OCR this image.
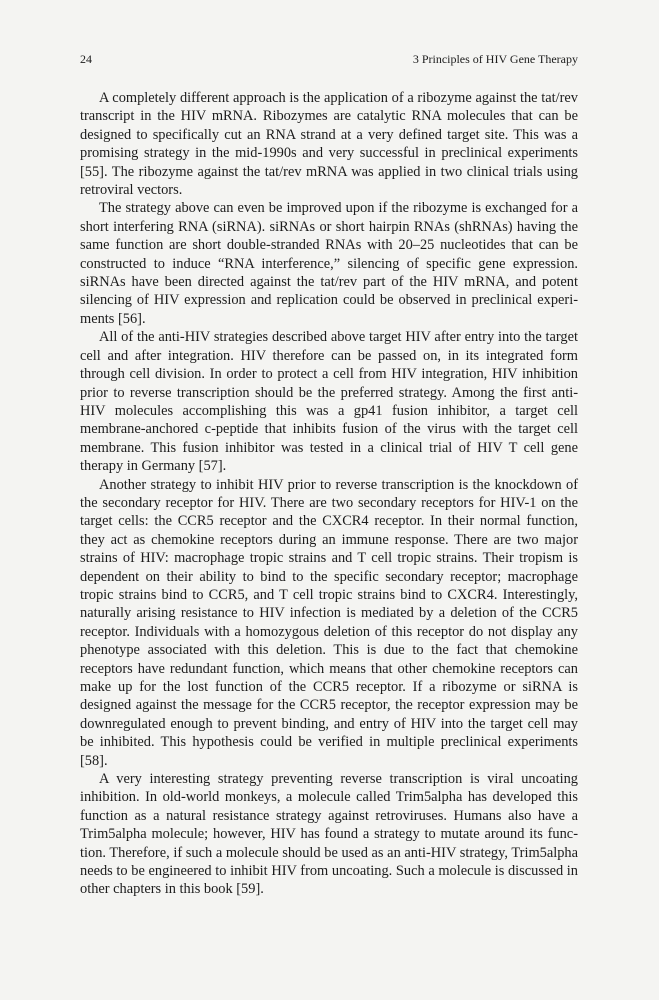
24	3 Principles of HIV Gene Therapy

A completely different approach is the application of a ribozyme against the tat/rev transcript in the HIV mRNA. Ribozymes are catalytic RNA molecules that can be designed to specifically cut an RNA strand at a very defined target site. This was a promising strategy in the mid-1990s and very successful in preclinical experiments [55]. The ribozyme against the tat/rev mRNA was applied in two clinical trials using retroviral vectors.

The strategy above can even be improved upon if the ribozyme is exchanged for a short interfering RNA (siRNA). siRNAs or short hairpin RNAs (shRNAs) having the same function are short double-stranded RNAs with 20–25 nucleotides that can be constructed to induce “RNA interference,” silencing of specific gene expression. siRNAs have been directed against the tat/rev part of the HIV mRNA, and potent silencing of HIV expression and replication could be observed in preclinical experiments [56].

All of the anti-HIV strategies described above target HIV after entry into the target cell and after integration. HIV therefore can be passed on, in its integrated form through cell division. In order to protect a cell from HIV integration, HIV inhibition prior to reverse transcription should be the preferred strategy. Among the first anti-HIV molecules accomplishing this was a gp41 fusion inhibitor, a target cell membrane-anchored c-peptide that inhibits fusion of the virus with the target cell membrane. This fusion inhibitor was tested in a clinical trial of HIV T cell gene therapy in Germany [57].

Another strategy to inhibit HIV prior to reverse transcription is the knockdown of the secondary receptor for HIV. There are two secondary receptors for HIV-1 on the target cells: the CCR5 receptor and the CXCR4 receptor. In their normal function, they act as chemokine receptors during an immune response. There are two major strains of HIV: macrophage tropic strains and T cell tropic strains. Their tropism is dependent on their ability to bind to the specific secondary receptor; macrophage tropic strains bind to CCR5, and T cell tropic strains bind to CXCR4. Interestingly, naturally arising resistance to HIV infection is mediated by a deletion of the CCR5 receptor. Individuals with a homozygous deletion of this receptor do not display any phenotype associated with this deletion. This is due to the fact that chemokine receptors have redundant function, which means that other chemokine receptors can make up for the lost function of the CCR5 receptor. If a ribozyme or siRNA is designed against the message for the CCR5 receptor, the receptor expression may be downregulated enough to prevent binding, and entry of HIV into the target cell may be inhibited. This hypothesis could be verified in multiple preclinical experiments [58].

A very interesting strategy preventing reverse transcription is viral uncoating inhibition. In old-world monkeys, a molecule called Trim5alpha has developed this function as a natural resistance strategy against retroviruses. Humans also have a Trim5alpha molecule; however, HIV has found a strategy to mutate around its function. Therefore, if such a molecule should be used as an anti-HIV strategy, Trim5alpha needs to be engineered to inhibit HIV from uncoating. Such a molecule is discussed in other chapters in this book [59].
